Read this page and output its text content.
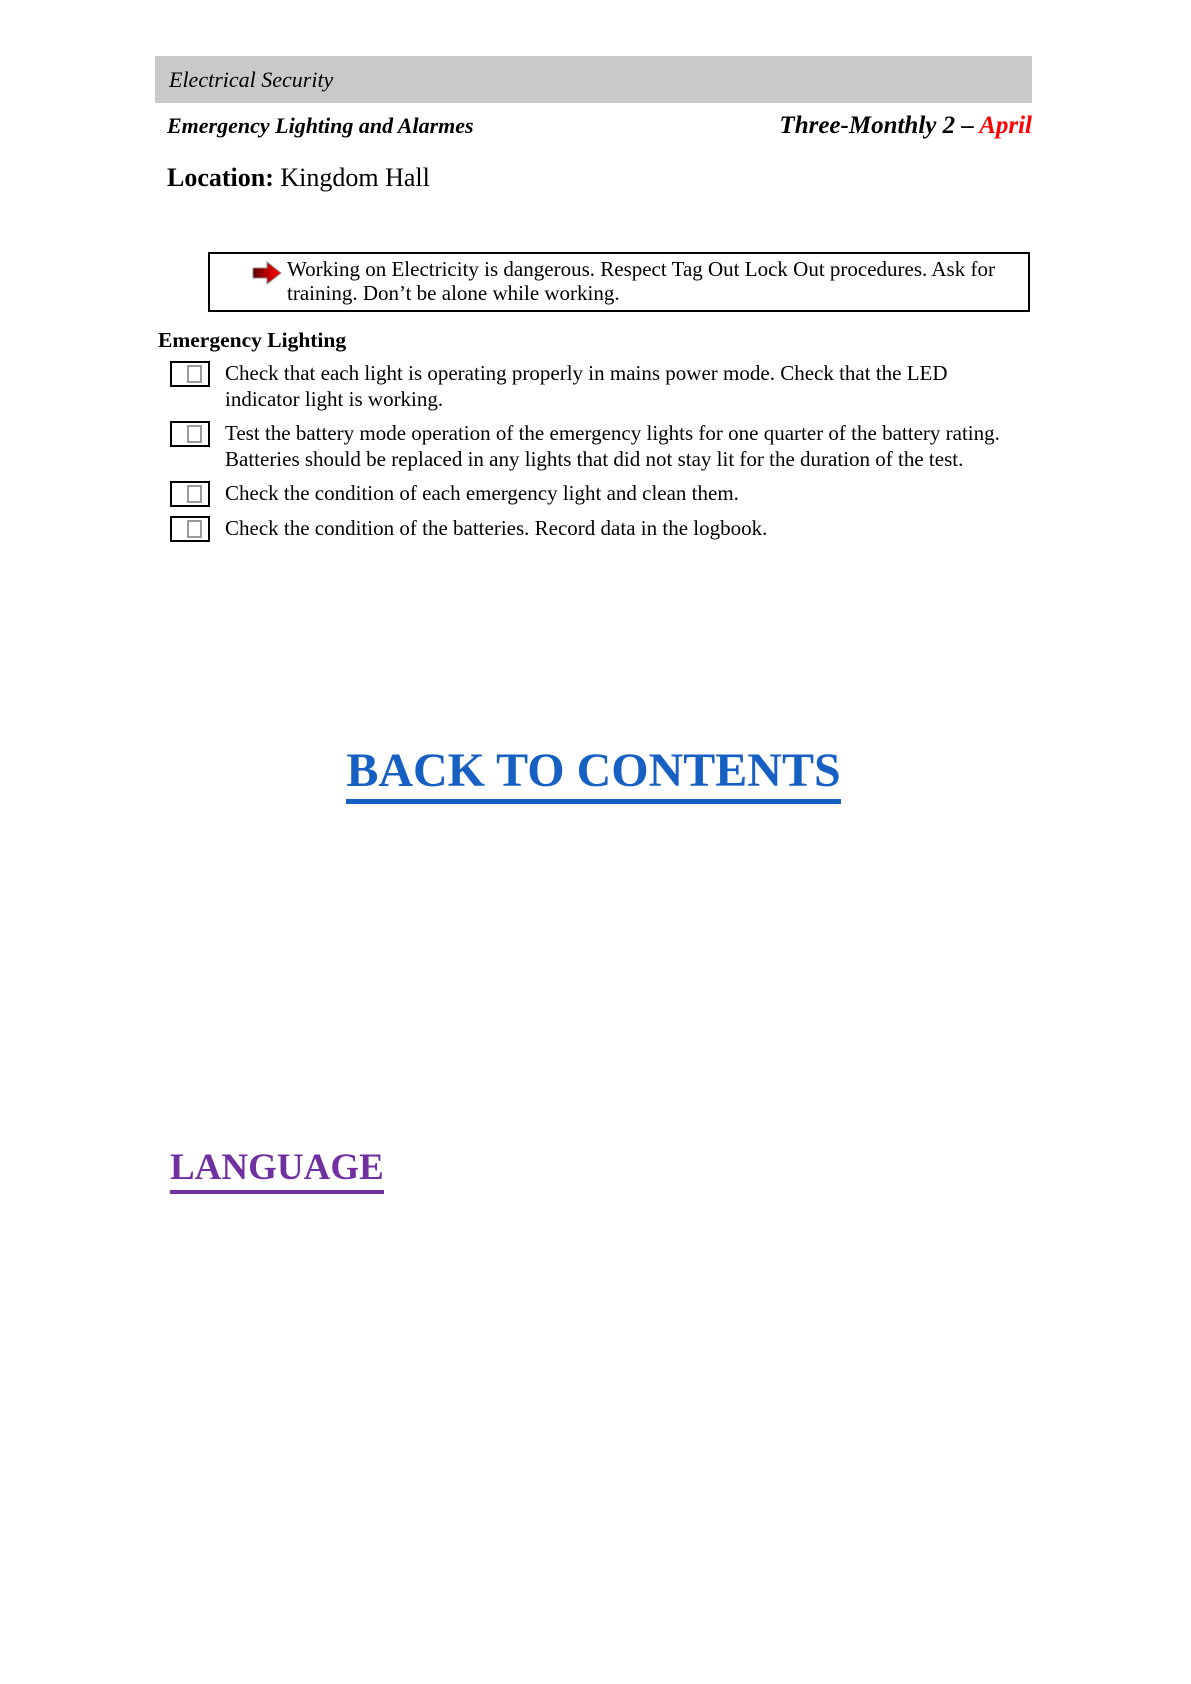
Electrical Security
Emergency Lighting and Alarmes	Three-Monthly 2 – April
Location: Kingdom Hall
Working on Electricity is dangerous. Respect Tag Out Lock Out procedures. Ask for training. Don’t be alone while working.
Emergency Lighting
Check that each light is operating properly in mains power mode. Check that the LED indicator light is working.
Test the battery mode operation of the emergency lights for one quarter of the battery rating. Batteries should be replaced in any lights that did not stay lit for the duration of the test.
Check the condition of each emergency light and clean them.
Check the condition of the batteries. Record data in the logbook.
BACK TO CONTENTS
LANGUAGE
